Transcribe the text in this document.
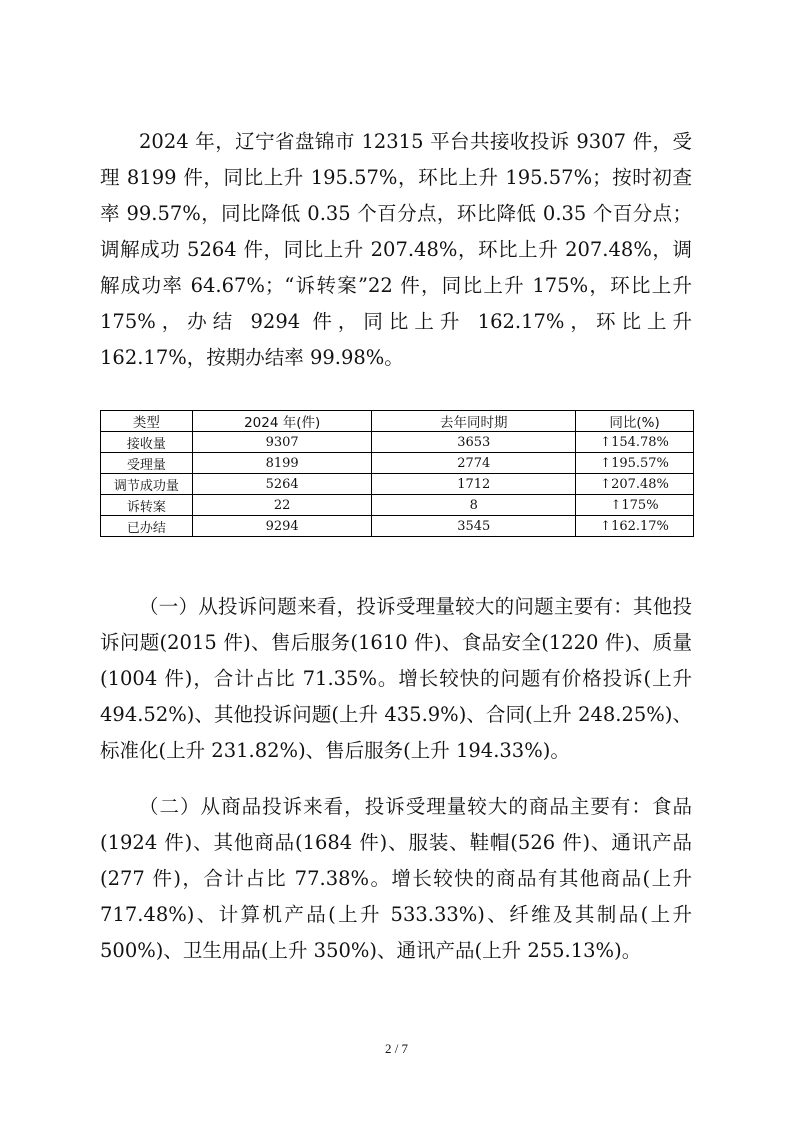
2024 年，辽宁省盘锦市 12315 平台共接收投诉 9307 件，受理 8199 件，同比上升 195.57%，环比上升 195.57%；按时初查率 99.57%，同比降低 0.35 个百分点，环比降低 0.35 个百分点；调解成功 5264 件，同比上升 207.48%，环比上升 207.48%，调解成功率 64.67%；“诉转案”22 件，同比上升 175%，环比上升 175%，办结 9294 件，同比上升 162.17%，环比上升 162.17%，按期办结率 99.98%。

类型	2024 年(件)	去年同时期	同比(%)
接收量	9307	3653	↑154.78%
受理量	8199	2774	↑195.57%
调节成功量	5264	1712	↑207.48%
诉转案	22	8	↑175%
已办结	9294	3545	↑162.17%

（一）从投诉问题来看，投诉受理量较大的问题主要有：其他投诉问题(2015 件)、售后服务(1610 件)、食品安全(1220 件)、质量(1004 件)，合计占比 71.35%。增长较快的问题有价格投诉(上升 494.52%)、其他投诉问题(上升 435.9%)、合同(上升 248.25%)、标准化(上升 231.82%)、售后服务(上升 194.33%)。

（二）从商品投诉来看，投诉受理量较大的商品主要有：食品(1924 件)、其他商品(1684 件)、服装、鞋帽(526 件)、通讯产品(277 件)，合计占比 77.38%。增长较快的商品有其他商品(上升 717.48%)、计算机产品(上升 533.33%)、纤维及其制品(上升 500%)、卫生用品(上升 350%)、通讯产品(上升 255.13%)。

2 / 7
